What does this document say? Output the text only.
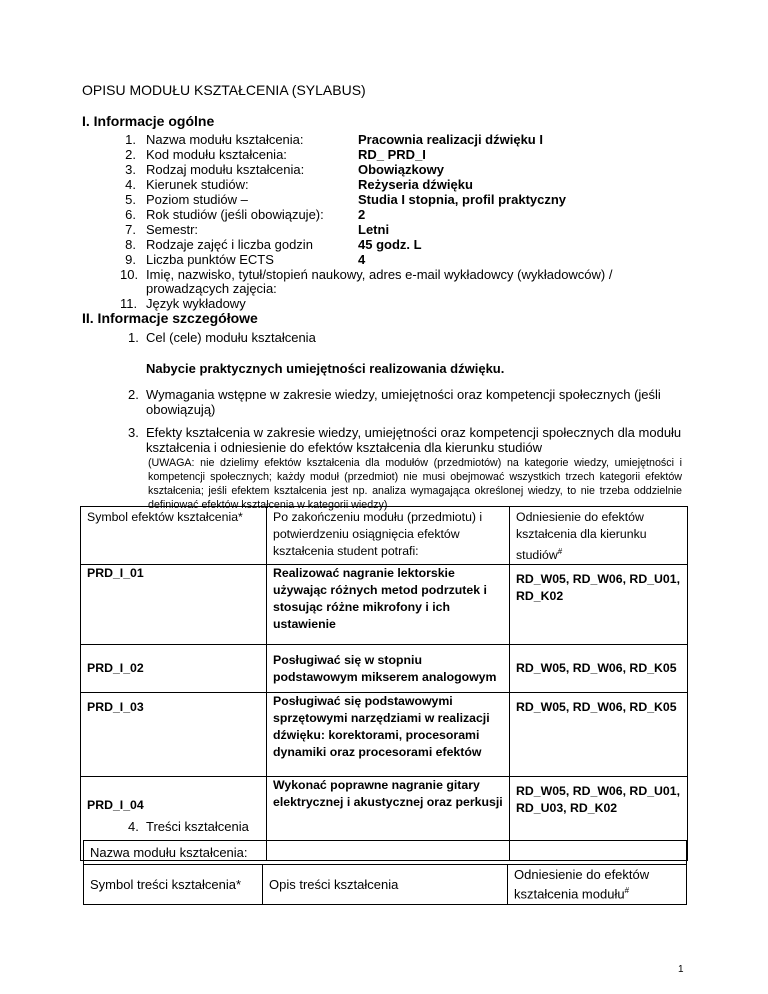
OPISU MODUŁU KSZTAŁCENIA (SYLABUS)
I. Informacje ogólne
1. Nazwa modułu kształcenia:	Pracownia realizacji dźwięku I
2. Kod modułu kształcenia:	RD_ PRD_I
3. Rodzaj modułu kształcenia:	Obowiązkowy
4. Kierunek studiów:	Reżyseria dźwięku
5. Poziom studiów –	Studia I stopnia, profil praktyczny
6. Rok studiów (jeśli obowiązuje):	2
7. Semestr:	Letni
8. Rodzaje zajęć i liczba godzin	45 godz. L
9. Liczba punktów ECTS	4
10. Imię, nazwisko, tytuł/stopień naukowy, adres e-mail wykładowcy (wykładowców) /
prowadzących zajęcia:
11. Język wykładowy
II. Informacje szczegółowe
1. Cel (cele) modułu kształcenia
Nabycie praktycznych umiejętności realizowania dźwięku.
2. Wymagania wstępne w zakresie wiedzy, umiejętności oraz kompetencji społecznych (jeśli
obowiązują)
3. Efekty kształcenia w zakresie wiedzy, umiejętności oraz kompetencji społecznych dla modułu
kształcenia i odniesienie do efektów kształcenia dla kierunku studiów
(UWAGA: nie dzielimy efektów kształcenia dla modułów (przedmiotów) na kategorie wiedzy, umiejętności i kompetencji społecznych; każdy moduł (przedmiot) nie musi obejmować wszystkich trzech kategorii efektów kształcenia; jeśli efektem kształcenia jest np. analiza wymagająca określonej wiedzy, to nie trzeba oddzielnie definiować efektów kształcenia w kategorii wiedzy)
Symbol efektów kształcenia*	Po zakończeniu modułu (przedmiotu) i potwierdzeniu osiągnięcia efektów kształcenia student potrafi:	Odniesienie do efektów kształcenia dla kierunku studiów#
PRD_I_01	Realizować nagranie lektorskie używając różnych metod podrzutek i stosując różne mikrofony i ich ustawienie	RD_W05, RD_W06, RD_U01, RD_K02
PRD_I_02	Posługiwać się w stopniu podstawowym mikserem analogowym	RD_W05, RD_W06, RD_K05
PRD_I_03	Posługiwać się podstawowymi sprzętowymi narzędziami w realizacji dźwięku: korektorami, procesorami dynamiki oraz procesorami efektów	RD_W05, RD_W06, RD_K05
PRD_I_04	Wykonać poprawne nagranie gitary elektrycznej i akustycznej oraz perkusji	RD_W05, RD_W06, RD_U01, RD_U03, RD_K02
4. Treści kształcenia
Nazwa modułu kształcenia:
Symbol treści kształcenia*	Opis treści kształcenia	Odniesienie do efektów kształcenia modułu#
1
